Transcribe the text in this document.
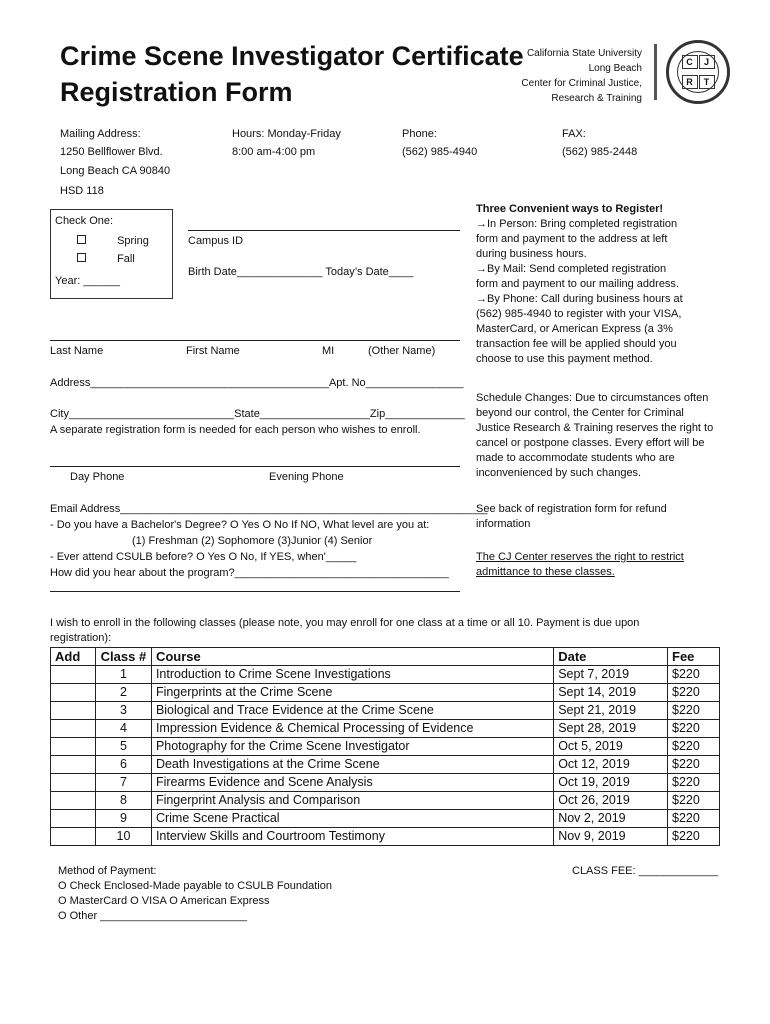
Crime Scene Investigator Certificate
Registration Form
California State University
Long Beach
Center for Criminal Justice,
Research & Training
C	J
R	T
Mailing Address:
1250 Bellflower Blvd.
Long Beach CA 90840
HSD 118
Hours: Monday-Friday
8:00 am-4:00 pm
Phone:
(562) 985-4940
FAX:
(562) 985-2448
Check One:
Spring
Fall
Year: ______
Campus ID
Birth Date______________ Today’s Date____
Last Name	First Name	MI	(Other Name)
Address_______________________________________Apt. No________________
City___________________________State__________________Zip_____________
A separate registration form is needed for each person who wishes to enroll.
Day Phone	Evening Phone
Email Address____________________________________________________________
- Do you have a Bachelor's Degree? O Yes O No If NO, What level are you at:
(1) Freshman (2) Sophomore (3)Junior (4) Senior
- Ever attend CSULB before? O Yes O No, If YES, when'_____
How did you hear about the program?___________________________________
Three Convenient ways to Register!
→In Person: Bring completed registration
form and payment to the address at left
during business hours.
→By Mail: Send completed registration
form and payment to our mailing address.
→By Phone: Call during business hours at
(562) 985-4940 to register with your VISA,
MasterCard, or American Express (a 3%
transaction fee will be applied should you
choose to use this payment method.
Schedule Changes: Due to circumstances often
beyond our control, the Center for Criminal
Justice Research & Training reserves the right to
cancel or postpone classes. Every effort will be
made to accommodate students who are
inconvenienced by such changes.
See back of registration form for refund
information
The CJ Center reserves the right to restrict
admittance to these classes.
I wish to enroll in the following classes (please note, you may enroll for one class at a time or all 10. Payment is due upon
registration):
Add	Class #	Course	Date	Fee
	1	Introduction to Crime Scene Investigations	Sept 7, 2019	$220
	2	Fingerprints at the Crime Scene	Sept 14, 2019	$220
	3	Biological and Trace Evidence at the Crime Scene	Sept 21, 2019	$220
	4	Impression Evidence & Chemical Processing of Evidence	Sept 28, 2019	$220
	5	Photography for the Crime Scene Investigator	Oct 5, 2019	$220
	6	Death Investigations at the Crime Scene	Oct 12, 2019	$220
	7	Firearms Evidence and Scene Analysis	Oct 19, 2019	$220
	8	Fingerprint Analysis and Comparison	Oct 26, 2019	$220
	9	Crime Scene Practical	Nov 2, 2019	$220
	10	Interview Skills and Courtroom Testimony	Nov 9, 2019	$220
Method of Payment:
O Check Enclosed-Made payable to CSULB Foundation
O MasterCard O VISA O American Express
O Other ________________________
CLASS FEE: _____________
